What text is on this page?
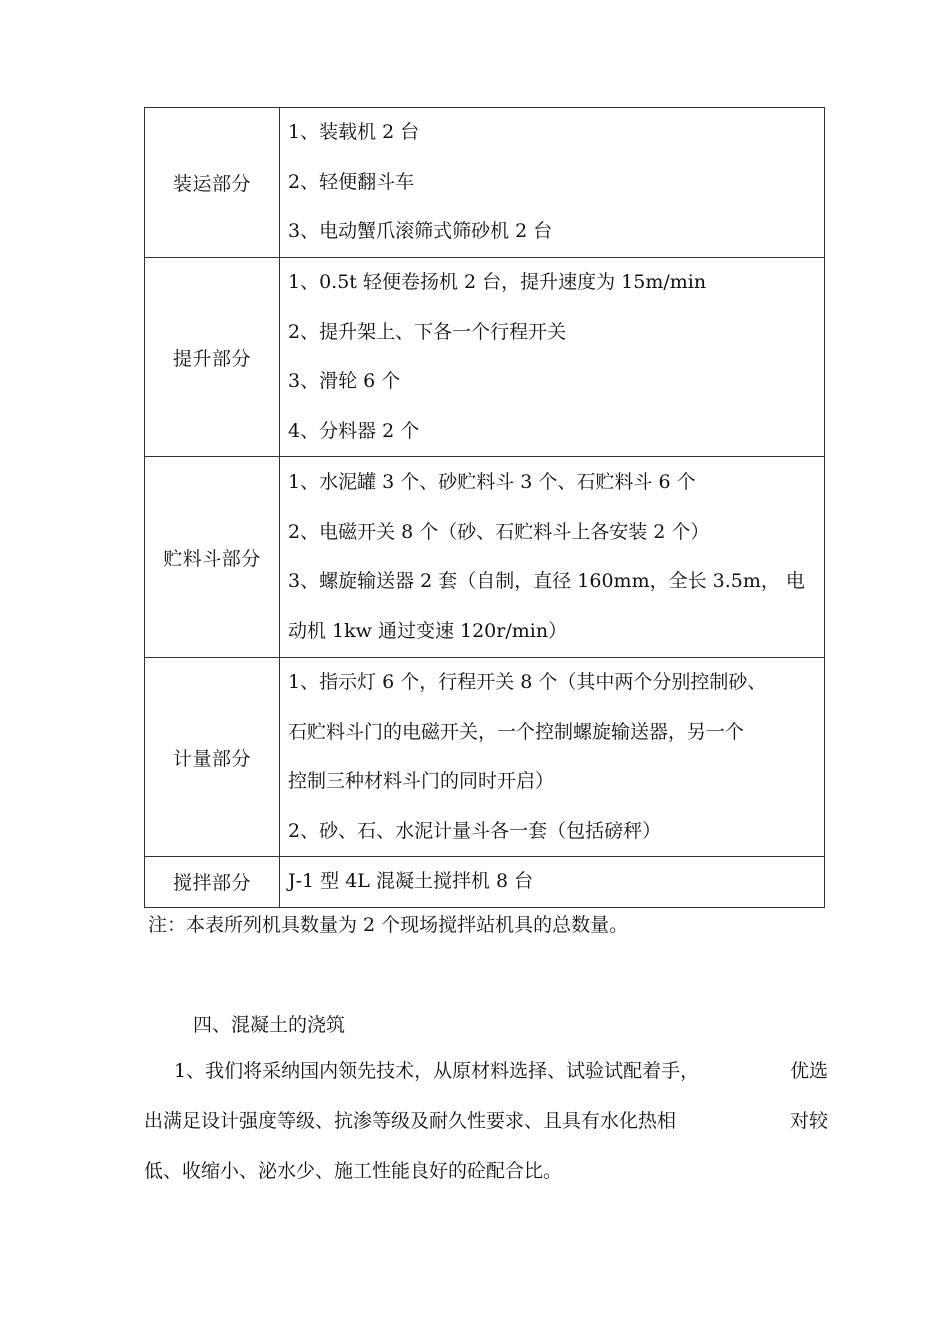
装运部分	1、装载机 2 台
2、轻便翻斗车
3、电动蟹爪滚筛式筛砂机 2 台

提升部分	1、0.5t 轻便卷扬机 2 台，提升速度为 15m/min
2、提升架上、下各一个行程开关
3、滑轮 6 个
4、分料器 2 个

贮料斗部分	1、水泥罐 3 个、砂贮料斗 3 个、石贮料斗 6 个
2、电磁开关 8 个（砂、石贮料斗上各安装 2 个）
3、螺旋输送器 2 套（自制，直径 160mm，全长 3.5m， 电
动机 1kw 通过变速 120r/min）

计量部分	1、指示灯 6 个，行程开关 8 个（其中两个分别控制砂、
石贮料斗门的电磁开关，一个控制螺旋输送器，另一个
控制三种材料斗门的同时开启）
2、砂、石、水泥计量斗各一套（包括磅秤）

搅拌部分	J-1 型 4L 混凝土搅拌机 8 台
注：本表所列机具数量为 2 个现场搅拌站机具的总数量。
四、混凝土的浇筑
1、我们将采纳国内领先技术，从原材料选择、试验试配着手，	优选
出满足设计强度等级、抗渗等级及耐久性要求、且具有水化热相	对较
低、收缩小、泌水少、施工性能良好的砼配合比。
